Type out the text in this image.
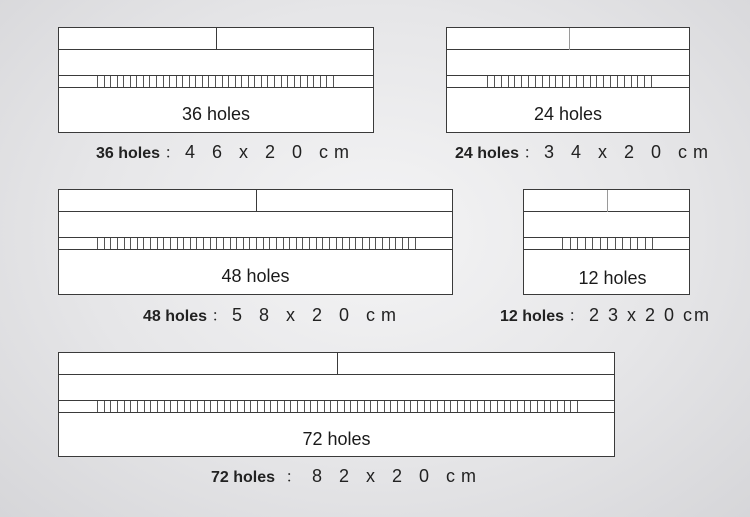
36 holes
36 holes ： 4 6 x 2 0 cm
24 holes
24 holes ： 3 4 x 2 0 cm
48 holes
48 holes ： 5 8 x 2 0 cm
12 holes
12 holes ： 2 3 x 2 0 cm
72 holes
72 holes ： 8 2 x 2 0 cm
